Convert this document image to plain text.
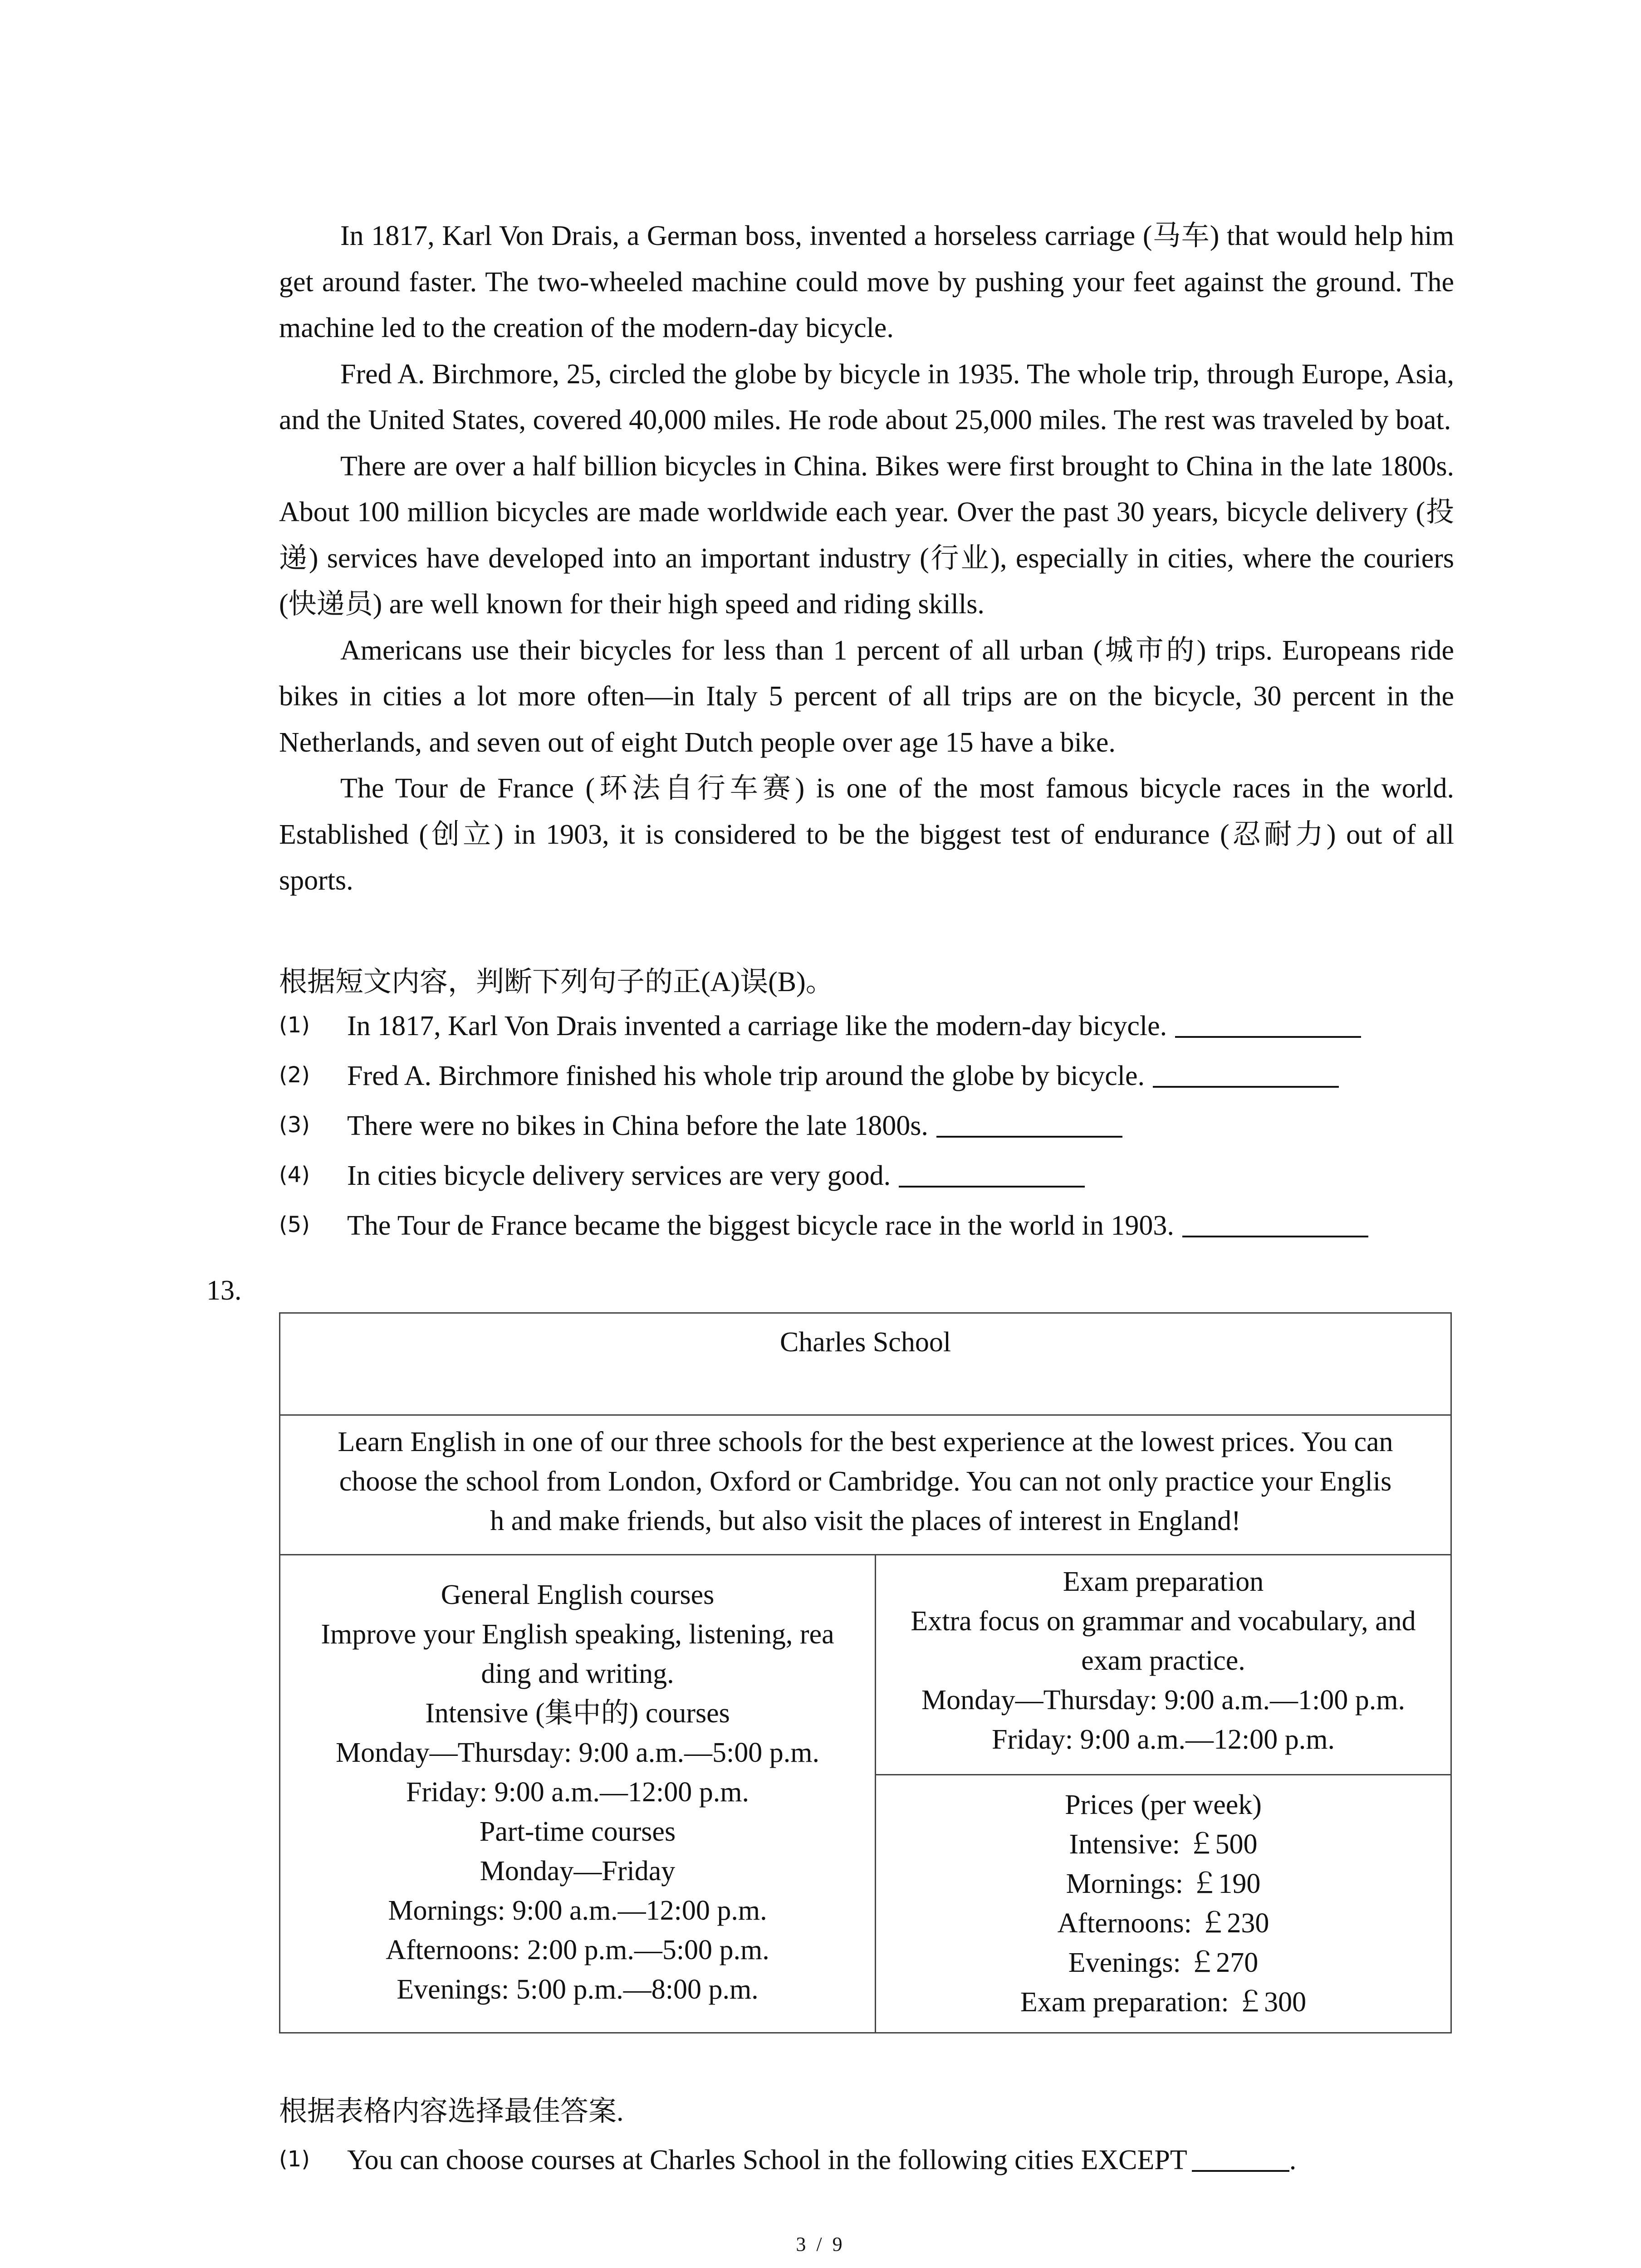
In 1817, Karl Von Drais, a German boss, invented a horseless carriage (马车) that would help him get around faster. The two-wheeled machine could move by pushing your feet against the ground. The machine led to the creation of the modern-day bicycle.

Fred A. Birchmore, 25, circled the globe by bicycle in 1935. The whole trip, through Europe, Asia, and the United States, covered 40,000 miles. He rode about 25,000 miles. The rest was traveled by boat.

There are over a half billion bicycles in China. Bikes were first brought to China in the late 1800s. About 100 million bicycles are made worldwide each year. Over the past 30 years, bicycle delivery (投递) services have developed into an important industry (行业), especially in cities, where the couriers (快递员) are well known for their high speed and riding skills.

Americans use their bicycles for less than 1 percent of all urban (城市的) trips. Europeans ride bikes in cities a lot more often—in Italy 5 percent of all trips are on the bicycle, 30 percent in the Netherlands, and seven out of eight Dutch people over age 15 have a bike.

The Tour de France (环法自行车赛) is one of the most famous bicycle races in the world. Established (创立) in 1903, it is considered to be the biggest test of endurance (忍耐力) out of all sports.

根据短文内容，判断下列句子的正(A)误(B)。
(1) In 1817, Karl Von Drais invented a carriage like the modern-day bicycle.
(2) Fred A. Birchmore finished his whole trip around the globe by bicycle.
(3) There were no bikes in China before the late 1800s.
(4) In cities bicycle delivery services are very good.
(5) The Tour de France became the biggest bicycle race in the world in 1903.
13.
Charles School
Learn English in one of our three schools for the best experience at the lowest prices. You can
choose the school from London, Oxford or Cambridge. You can not only practice your Englis
h and make friends, but also visit the places of interest in England!
General English courses
Improve your English speaking, listening, rea
ding and writing.
Intensive (集中的) courses
Monday—Thursday: 9:00 a.m.—5:00 p.m.
Friday: 9:00 a.m.—12:00 p.m.
Part-time courses
Monday—Friday
Mornings: 9:00 a.m.—12:00 p.m.
Afternoons: 2:00 p.m.—5:00 p.m.
Evenings: 5:00 p.m.—8:00 p.m.
Exam preparation
Extra focus on grammar and vocabulary, and
exam practice.
Monday—Thursday: 9:00 a.m.—1:00 p.m.
Friday: 9:00 a.m.—12:00 p.m.
Prices (per week)
Intensive: ￡500
Mornings: ￡190
Afternoons: ￡230
Evenings: ￡270
Exam preparation: ￡300
根据表格内容选择最佳答案.
(1) You can choose courses at Charles School in the following cities EXCEPT	.
3 / 9
